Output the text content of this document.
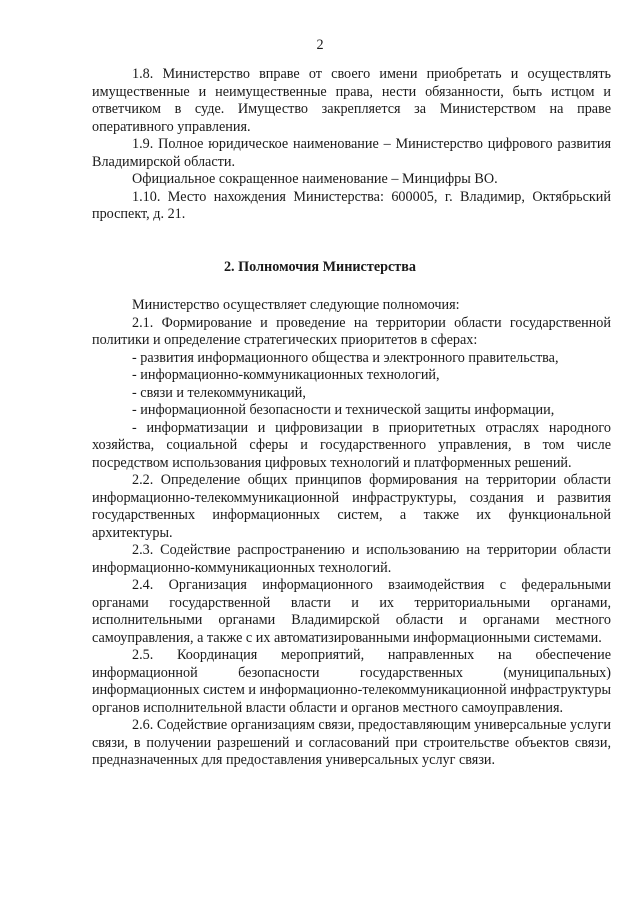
2

1.8. Министерство вправе от своего имени приобретать и осуществлять имущественные и неимущественные права, нести обязанности, быть истцом и ответчиком в суде. Имущество закрепляется за Министерством на праве оперативного управления.

1.9. Полное юридическое наименование – Министерство цифрового развития Владимирской области.

Официальное сокращенное наименование – Минцифры ВО.

1.10. Место нахождения Министерства: 600005, г. Владимир, Октябрьский проспект, д. 21.

2. Полномочия Министерства

Министерство осуществляет следующие полномочия:

2.1. Формирование и проведение на территории области государственной политики и определение стратегических приоритетов в сферах:

- развития информационного общества и электронного правительства,

- информационно-коммуникационных технологий,

- связи и телекоммуникаций,

- информационной безопасности и технической защиты информации,

- информатизации и цифровизации в приоритетных отраслях народного хозяйства, социальной сферы и государственного управления, в том числе посредством использования цифровых технологий и платформенных решений.

2.2. Определение общих принципов формирования на территории области информационно-телекоммуникационной инфраструктуры, создания и развития государственных информационных систем, а также их функциональной архитектуры.

2.3. Содействие распространению и использованию на территории области информационно-коммуникационных технологий.

2.4. Организация информационного взаимодействия с федеральными органами государственной власти и их территориальными органами, исполнительными органами Владимирской области и органами местного самоуправления, а также с их автоматизированными информационными системами.

2.5. Координация мероприятий, направленных на обеспечение информационной безопасности государственных (муниципальных) информационных систем и информационно-телекоммуникационной инфраструктуры органов исполнительной власти области и органов местного самоуправления.

2.6. Содействие организациям связи, предоставляющим универсальные услуги связи, в получении разрешений и согласований при строительстве объектов связи, предназначенных для предоставления универсальных услуг связи.
